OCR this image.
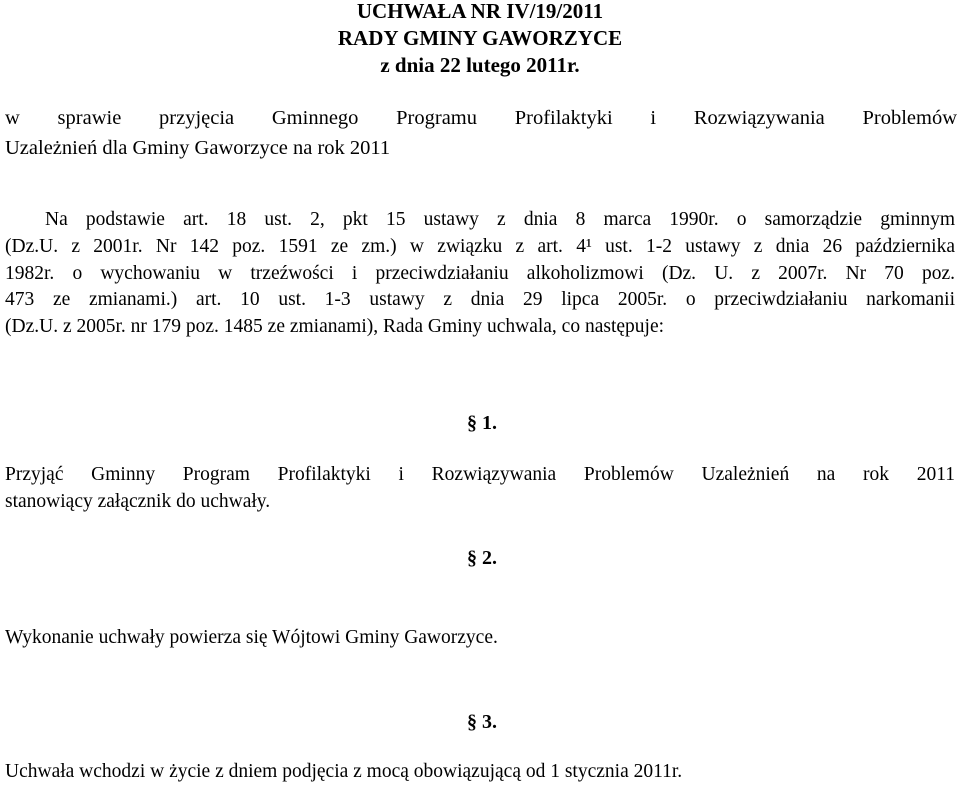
UCHWAŁA NR IV/19/2011
RADY GMINY GAWORZYCE
z dnia 22 lutego 2011r.
w sprawie przyjęcia Gminnego Programu Profilaktyki i Rozwiązywania Problemów
Uzależnień dla Gminy Gaworzyce na rok 2011
Na podstawie art. 18 ust. 2, pkt 15 ustawy z dnia 8 marca 1990r. o samorządzie gminnym
(Dz.U. z 2001r. Nr 142 poz. 1591 ze zm.) w związku z art. 4¹ ust. 1-2 ustawy z dnia 26 października
1982r. o wychowaniu w trzeźwości i przeciwdziałaniu alkoholizmowi (Dz. U. z 2007r. Nr 70 poz.
473 ze zmianami.) art. 10 ust. 1-3 ustawy z dnia 29 lipca 2005r. o przeciwdziałaniu narkomanii
(Dz.U. z 2005r. nr 179 poz. 1485 ze zmianami), Rada Gminy uchwala, co następuje:
§ 1.
Przyjąć Gminny Program Profilaktyki i Rozwiązywania Problemów Uzależnień na rok 2011
stanowiący załącznik do uchwały.
§ 2.
Wykonanie uchwały powierza się Wójtowi Gminy Gaworzyce.
§ 3.
Uchwała wchodzi w życie z dniem podjęcia z mocą obowiązującą od 1 stycznia 2011r.
